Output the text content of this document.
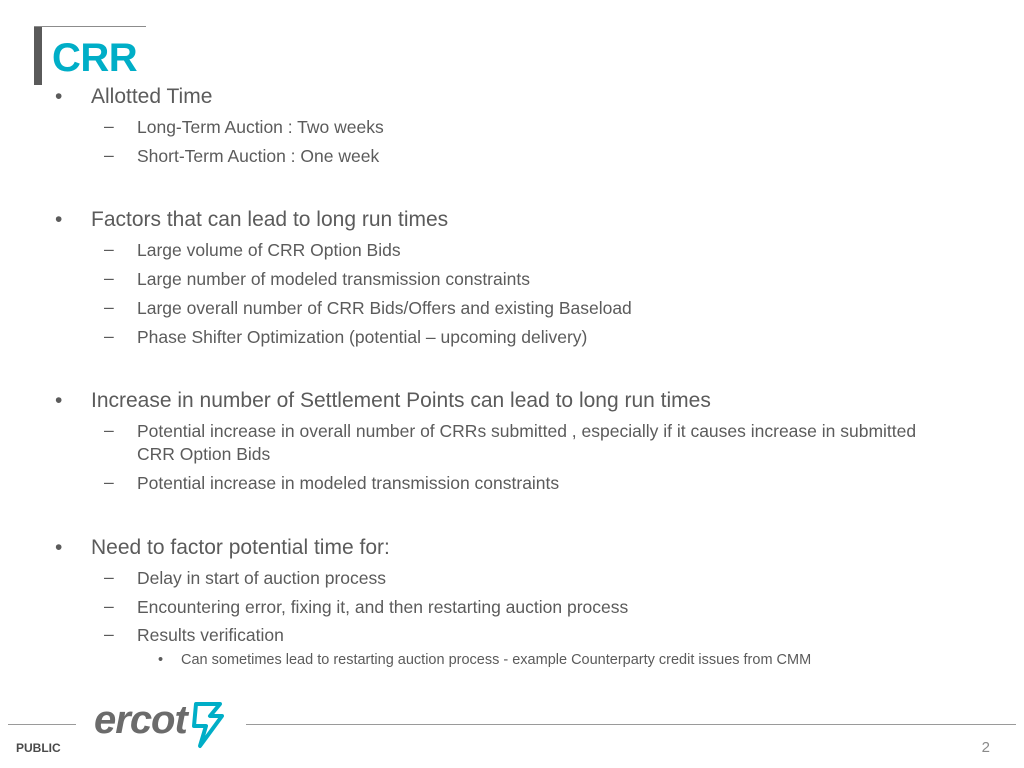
CRR
•	Allotted Time
– Long-Term Auction : Two weeks
– Short-Term Auction : One week
•	Factors that can lead to long run times
– Large volume of CRR Option Bids
– Large number of modeled transmission constraints
– Large overall number of CRR Bids/Offers and existing Baseload
– Phase Shifter Optimization (potential – upcoming delivery)
•	Increase in number of Settlement Points can lead to long run times
– Potential increase in overall number of CRRs submitted , especially if it causes increase in submitted CRR Option Bids
– Potential increase in modeled transmission constraints
•	Need to factor potential time for:
– Delay in start of auction process
– Encountering error, fixing it, and then restarting auction process
– Results verification
• Can sometimes lead to restarting auction process - example Counterparty credit issues from CMM
ercot
PUBLIC	2
